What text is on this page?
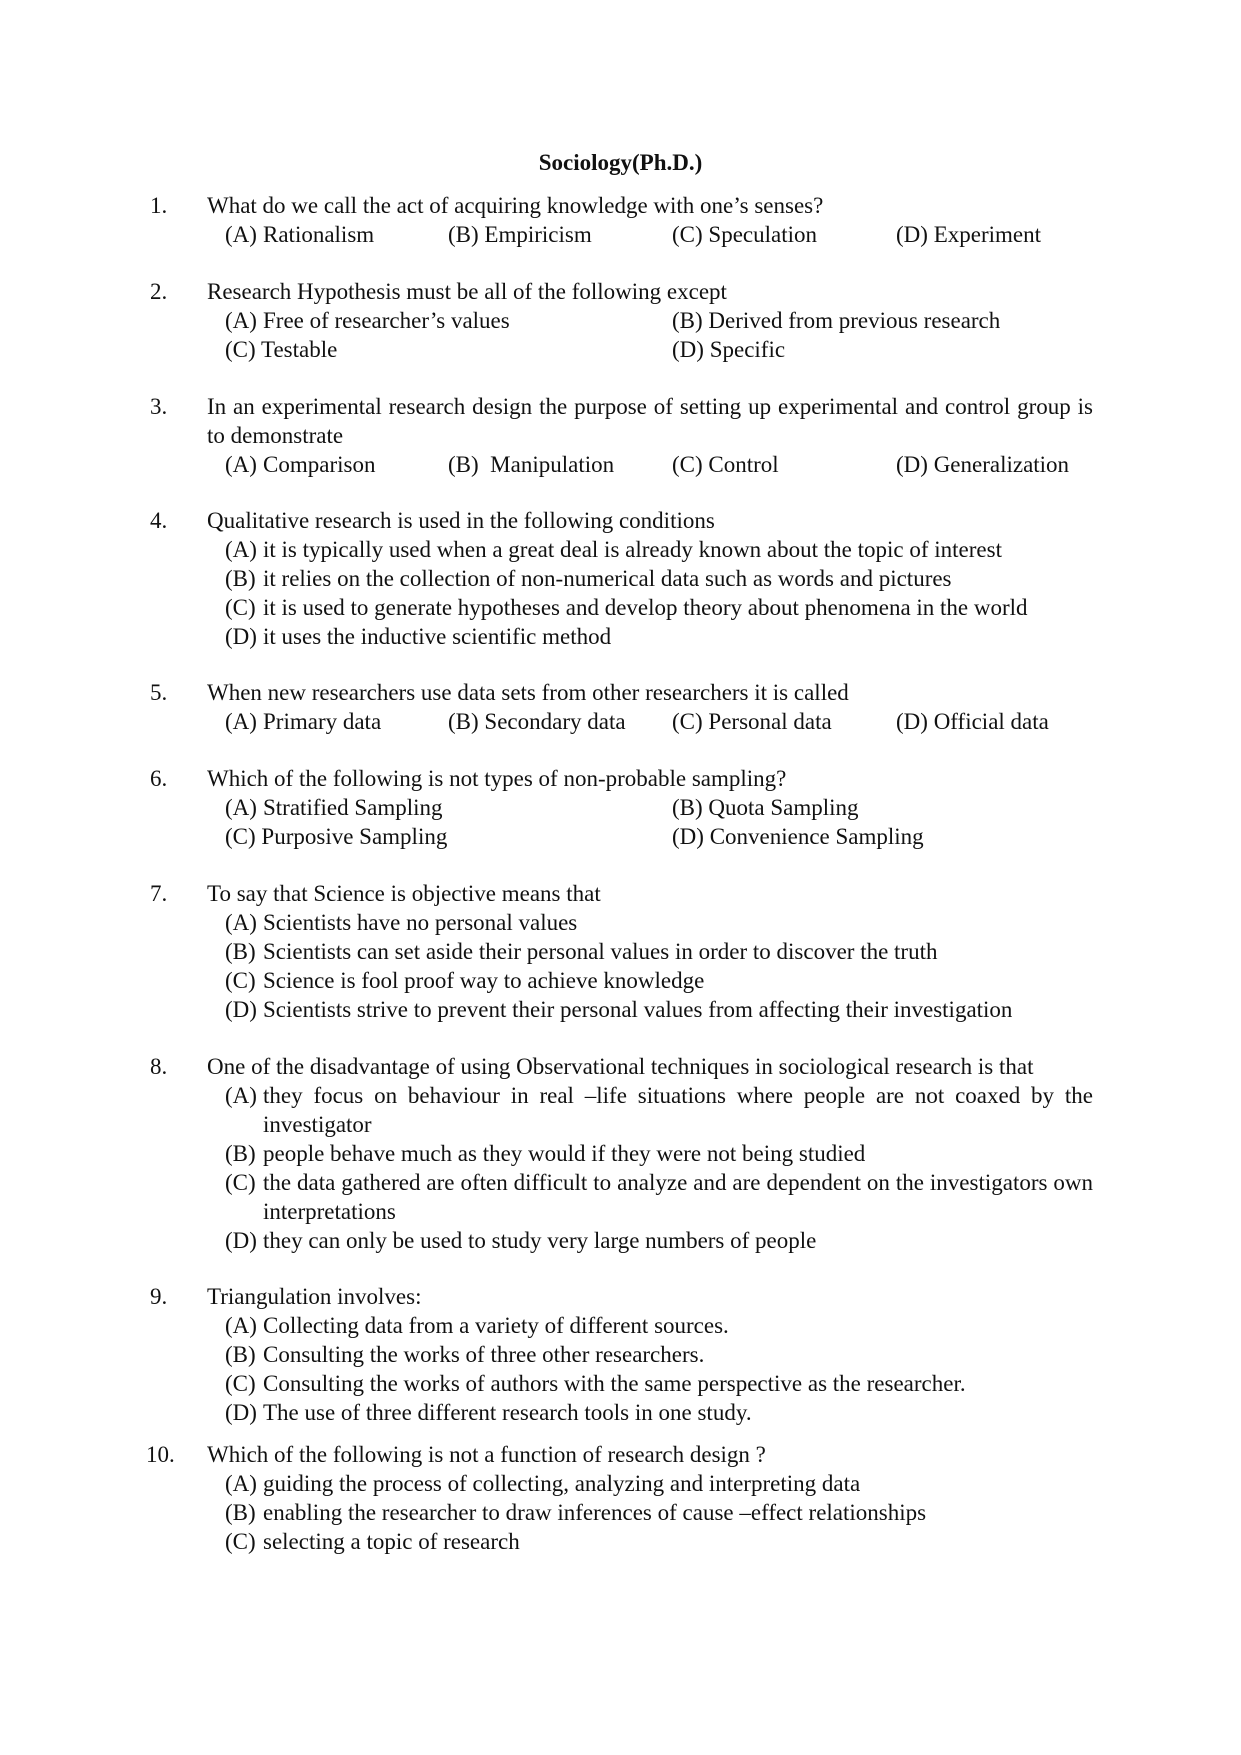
Sociology(Ph.D.)
1. What do we call the act of acquiring knowledge with one’s senses?
(A) Rationalism	(B) Empiricism	(C) Speculation	(D) Experiment
2. Research Hypothesis must be all of the following except
(A) Free of researcher’s values	(B) Derived from previous research
(C) Testable	(D) Specific
3. In an experimental research design the purpose of setting up experimental and control group is to demonstrate
(A) Comparison	(B) Manipulation	(C) Control	(D) Generalization
4. Qualitative research is used in the following conditions
(A) it is typically used when a great deal is already known about the topic of interest
(B) it relies on the collection of non-numerical data such as words and pictures
(C) it is used to generate hypotheses and develop theory about phenomena in the world
(D) it uses the inductive scientific method
5. When new researchers use data sets from other researchers it is called
(A) Primary data	(B) Secondary data (C) Personal data	(D) Official data
6. Which of the following is not types of non-probable sampling?
(A) Stratified Sampling	(B) Quota Sampling
(C) Purposive Sampling	(D) Convenience Sampling
7. To say that Science is objective means that
(A) Scientists have no personal values
(B) Scientists can set aside their personal values in order to discover the truth
(C) Science is fool proof way to achieve knowledge
(D) Scientists strive to prevent their personal values from affecting their investigation
8. One of the disadvantage of using Observational techniques in sociological research is that
(A) they focus on behaviour in real –life situations where people are not coaxed by the investigator
(B) people behave much as they would if they were not being studied
(C) the data gathered are often difficult to analyze and are dependent on the investigators own interpretations
(D) they can only be used to study very large numbers of people
9. Triangulation involves:
(A) Collecting data from a variety of different sources.
(B) Consulting the works of three other researchers.
(C) Consulting the works of authors with the same perspective as the researcher.
(D) The use of three different research tools in one study.
10. Which of the following is not a function of research design ?
(A) guiding the process of collecting, analyzing and interpreting data
(B) enabling the researcher to draw inferences of cause –effect relationships
(C) selecting a topic of research
